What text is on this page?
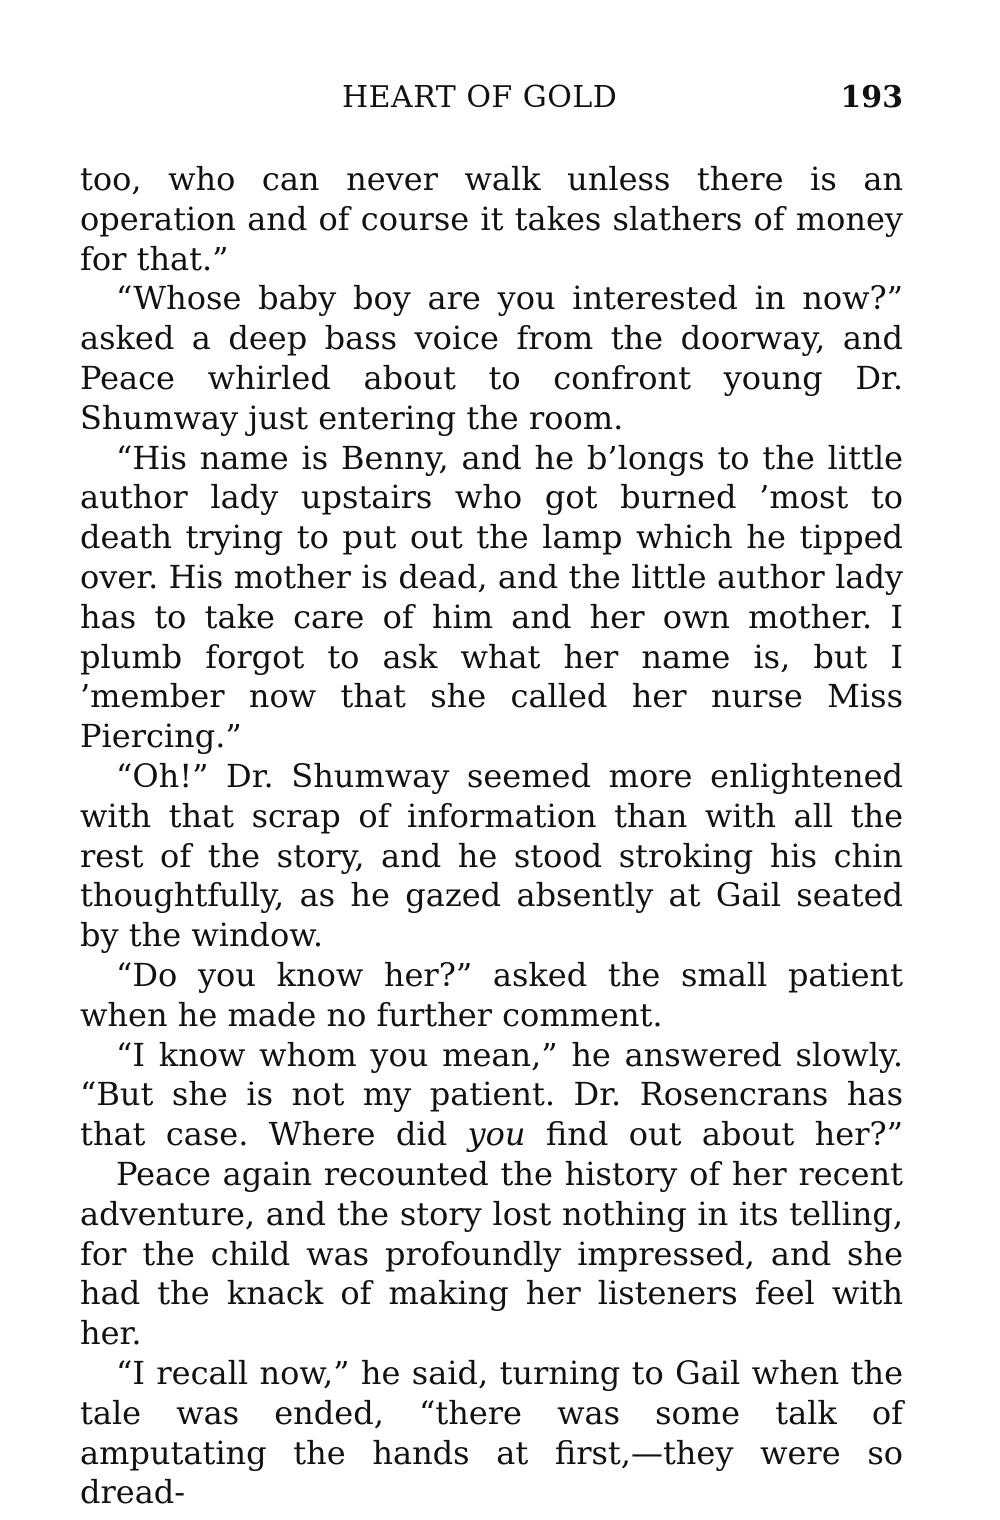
HEART OF GOLD	193

too, who can never walk unless there is an operation and of course it takes slathers of money for that.”

“Whose baby boy are you interested in now?” asked a deep bass voice from the doorway, and Peace whirled about to confront young Dr. Shumway just entering the room.

“His name is Benny, and he b’longs to the little author lady upstairs who got burned ’most to death trying to put out the lamp which he tipped over. His mother is dead, and the little author lady has to take care of him and her own mother. I plumb forgot to ask what her name is, but I ’member now that she called her nurse Miss Piercing.”

“Oh!” Dr. Shumway seemed more enlightened with that scrap of information than with all the rest of the story, and he stood stroking his chin thoughtfully, as he gazed absently at Gail seated by the window.

“Do you know her?” asked the small patient when he made no further comment.

“I know whom you mean,” he answered slowly. “But she is not my patient. Dr. Rosencrans has that case. Where did you find out about her?”

Peace again recounted the history of her recent adventure, and the story lost nothing in its telling, for the child was profoundly impressed, and she had the knack of making her listeners feel with her.

“I recall now,” he said, turning to Gail when the tale was ended, “there was some talk of amputating the hands at first,—they were so dread-
